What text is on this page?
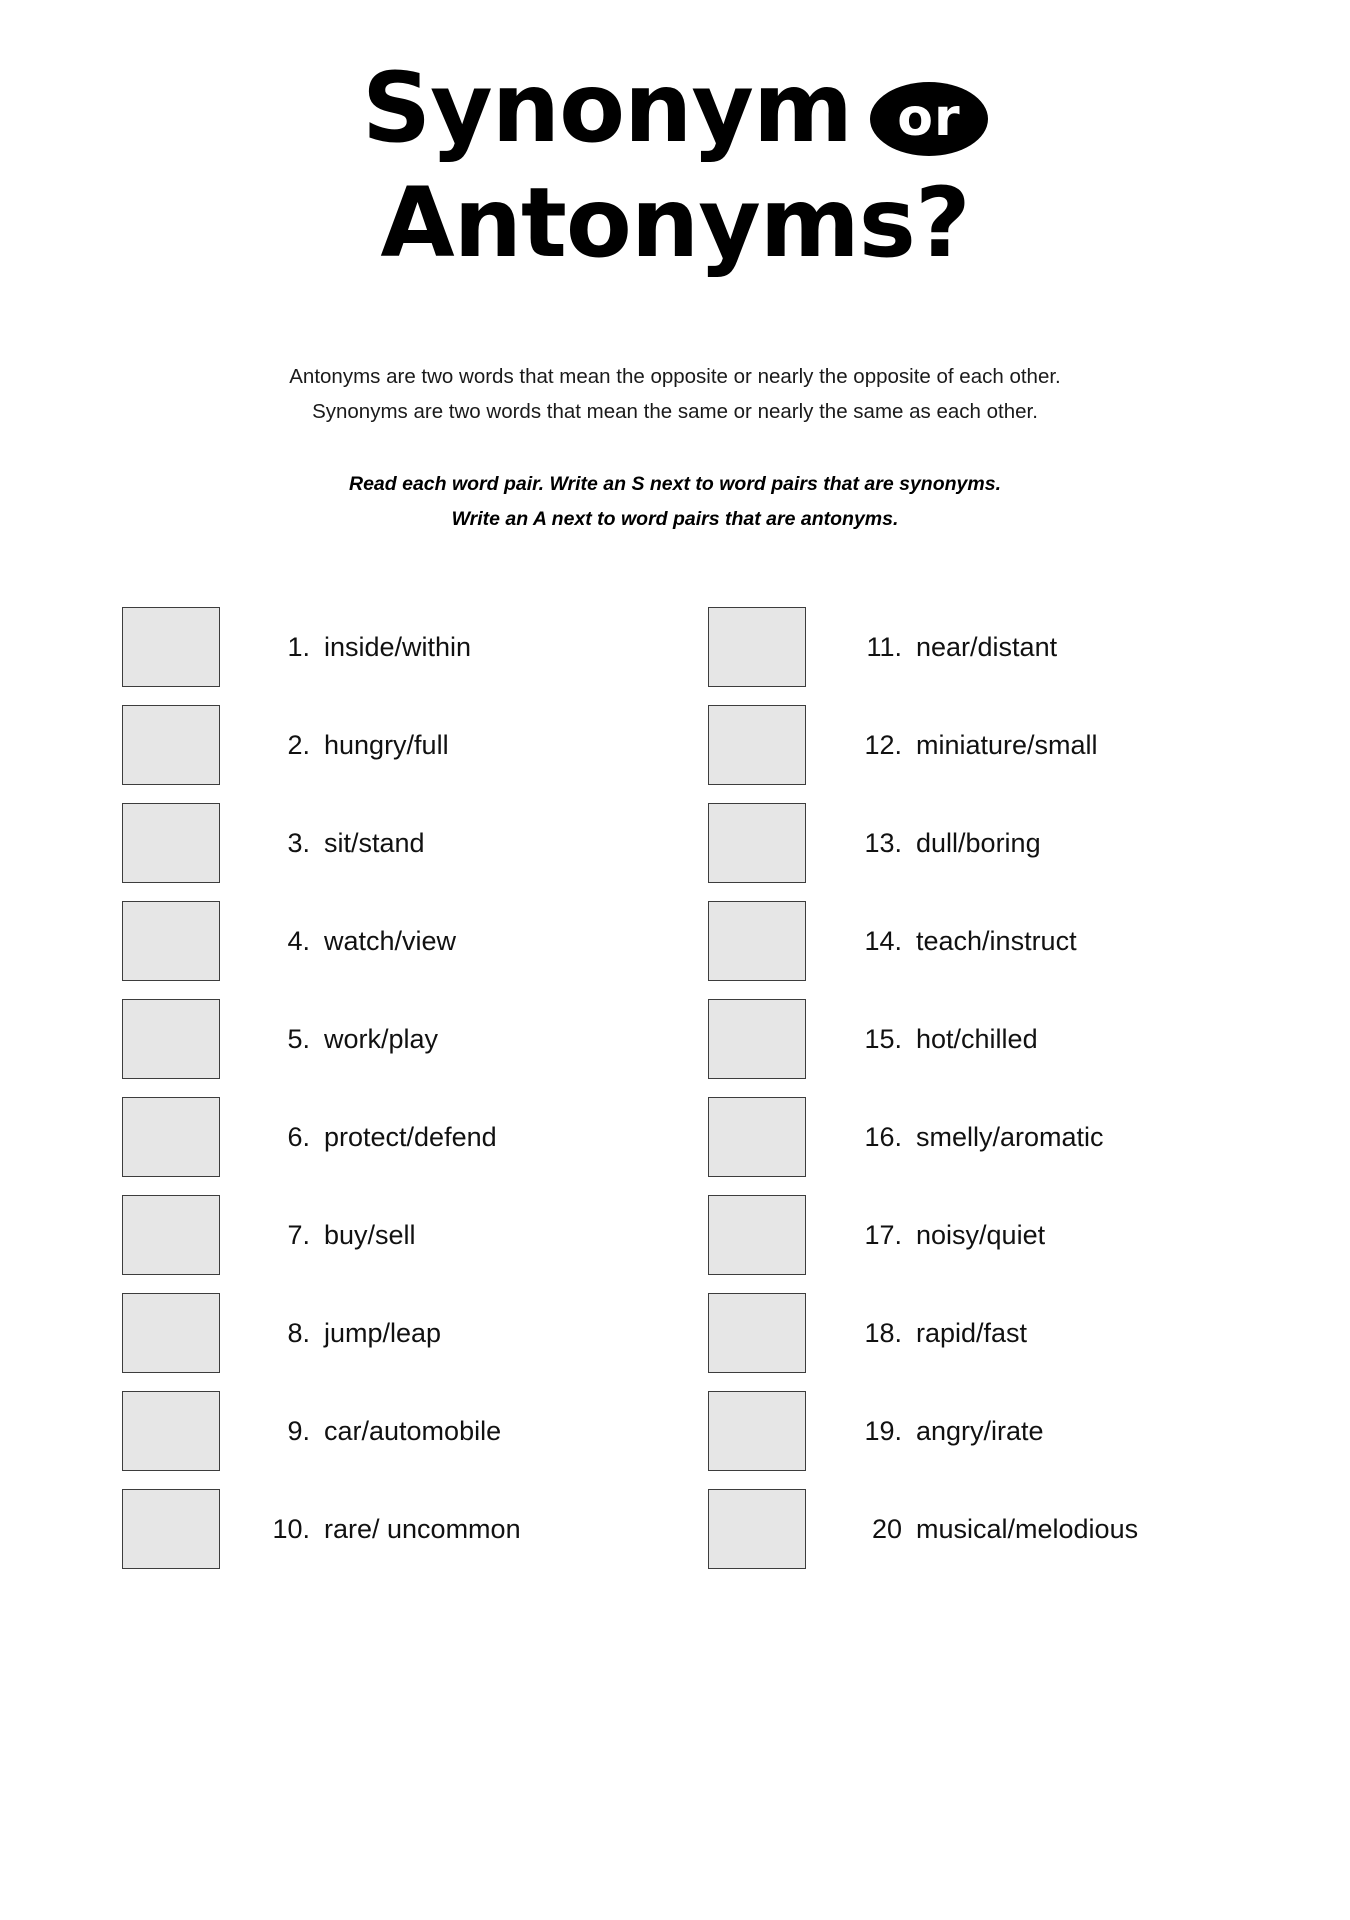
Synonym or
Antonyms?
Antonyms are two words that mean the opposite or nearly the opposite of each other.
Synonyms are two words that mean the same or nearly the same as each other.
Read each word pair. Write an S next to word pairs that are synonyms.
Write an A next to word pairs that are antonyms.
1. inside/within
2. hungry/full
3. sit/stand
4. watch/view
5. work/play
6. protect/defend
7. buy/sell
8. jump/leap
9. car/automobile
10. rare/ uncommon
11. near/distant
12. miniature/small
13. dull/boring
14. teach/instruct
15. hot/chilled
16. smelly/aromatic
17. noisy/quiet
18. rapid/fast
19. angry/irate
20 musical/melodious
